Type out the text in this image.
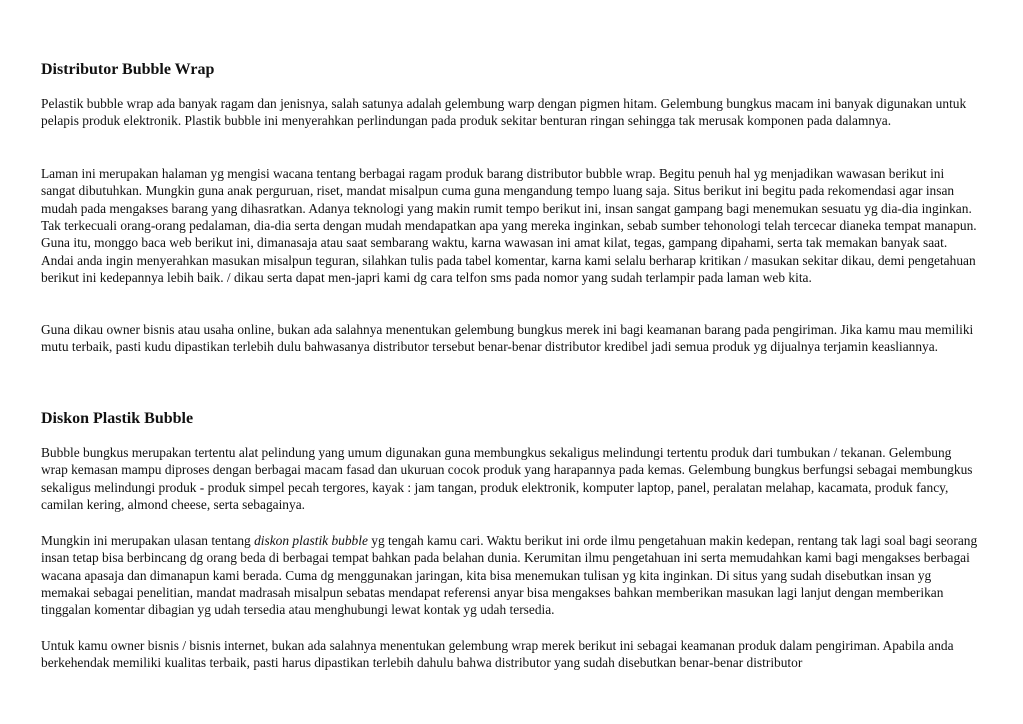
Distributor Bubble Wrap

Pelastik bubble wrap ada banyak ragam dan jenisnya, salah satunya adalah gelembung warp dengan pigmen hitam. Gelembung bungkus macam ini banyak digunakan untuk pelapis produk elektronik. Plastik bubble ini menyerahkan perlindungan pada produk sekitar benturan ringan sehingga tak merusak komponen pada dalamnya.

Laman ini merupakan halaman yg mengisi wacana tentang berbagai ragam produk barang distributor bubble wrap. Begitu penuh hal yg menjadikan wawasan berikut ini sangat dibutuhkan. Mungkin guna anak perguruan, riset, mandat misalpun cuma guna mengandung tempo luang saja. Situs berikut ini begitu pada rekomendasi agar insan mudah pada mengakses barang yang dihasratkan. Adanya teknologi yang makin rumit tempo berikut ini, insan sangat gampang bagi menemukan sesuatu yg dia-dia inginkan. Tak terkecuali orang-orang pedalaman, dia-dia serta dengan mudah mendapatkan apa yang mereka inginkan, sebab sumber tehonologi telah tercecar dianeka tempat manapun. Guna itu, monggo baca web berikut ini, dimanasaja atau saat sembarang waktu, karna wawasan ini amat kilat, tegas, gampang dipahami, serta tak memakan banyak saat. Andai anda ingin menyerahkan masukan misalpun teguran, silahkan tulis pada tabel komentar, karna kami selalu berharap kritikan / masukan sekitar dikau, demi pengetahuan berikut ini kedepannya lebih baik. / dikau serta dapat men-japri kami dg cara telfon sms pada nomor yang sudah terlampir pada laman web kita.

Guna dikau owner bisnis atau usaha online, bukan ada salahnya menentukan gelembung bungkus merek ini bagi keamanan barang pada pengiriman. Jika kamu mau memiliki mutu terbaik, pasti kudu dipastikan terlebih dulu bahwasanya distributor tersebut benar-benar distributor kredibel jadi semua produk yg dijualnya terjamin keasliannya.

Diskon Plastik Bubble

Bubble bungkus merupakan tertentu alat pelindung yang umum digunakan guna membungkus sekaligus melindungi tertentu produk dari tumbukan / tekanan. Gelembung wrap kemasan mampu diproses dengan berbagai macam fasad dan ukuruan cocok produk yang harapannya pada kemas. Gelembung bungkus berfungsi sebagai membungkus sekaligus melindungi produk - produk simpel pecah tergores, kayak : jam tangan, produk elektronik, komputer laptop, panel, peralatan melahap, kacamata, produk fancy, camilan kering, almond cheese, serta sebagainya.

Mungkin ini merupakan ulasan tentang diskon plastik bubble yg tengah kamu cari. Waktu berikut ini orde ilmu pengetahuan makin kedepan, rentang tak lagi soal bagi seorang insan tetap bisa berbincang dg orang beda di berbagai tempat bahkan pada belahan dunia. Kerumitan ilmu pengetahuan ini serta memudahkan kami bagi mengakses berbagai wacana apasaja dan dimanapun kami berada. Cuma dg menggunakan jaringan, kita bisa menemukan tulisan yg kita inginkan. Di situs yang sudah disebutkan insan yg memakai sebagai penelitian, mandat madrasah misalpun sebatas mendapat referensi anyar bisa mengakses bahkan memberikan masukan lagi lanjut dengan memberikan tinggalan komentar dibagian yg udah tersedia atau menghubungi lewat kontak yg udah tersedia.

Untuk kamu owner bisnis / bisnis internet, bukan ada salahnya menentukan gelembung wrap merek berikut ini sebagai keamanan produk dalam pengiriman. Apabila anda berkehendak memiliki kualitas terbaik, pasti harus dipastikan terlebih dahulu bahwa distributor yang sudah disebutkan benar-benar distributor
